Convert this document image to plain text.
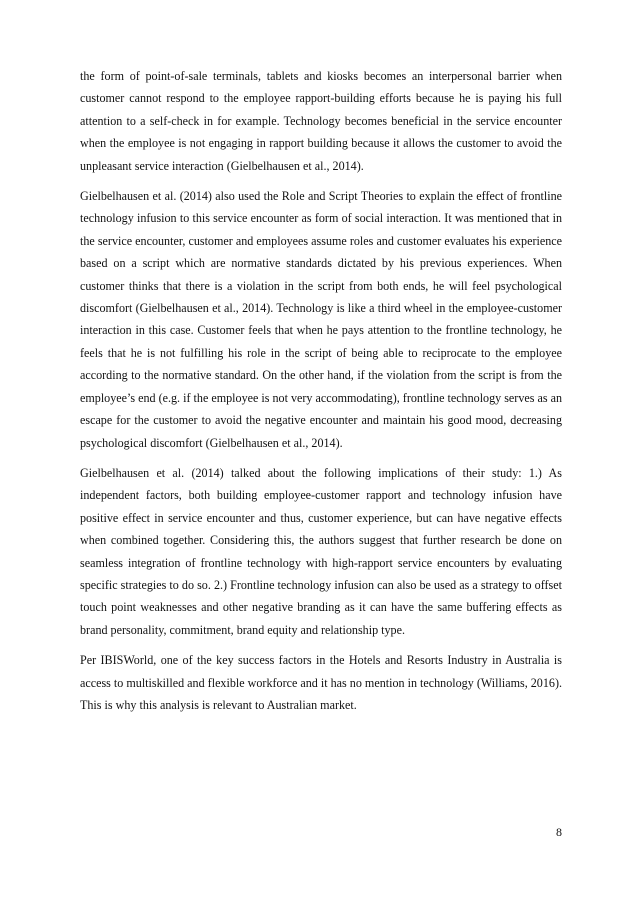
the form of point-of-sale terminals, tablets and kiosks becomes an interpersonal barrier when customer cannot respond to the employee rapport-building efforts because he is paying his full attention to a self-check in for example. Technology becomes beneficial in the service encounter when the employee is not engaging in rapport building because it allows the customer to avoid the unpleasant service interaction (Gielbelhausen et al., 2014).

Gielbelhausen et al. (2014) also used the Role and Script Theories to explain the effect of frontline technology infusion to this service encounter as form of social interaction. It was mentioned that in the service encounter, customer and employees assume roles and customer evaluates his experience based on a script which are normative standards dictated by his previous experiences. When customer thinks that there is a violation in the script from both ends, he will feel psychological discomfort (Gielbelhausen et al., 2014). Technology is like a third wheel in the employee-customer interaction in this case. Customer feels that when he pays attention to the frontline technology, he feels that he is not fulfilling his role in the script of being able to reciprocate to the employee according to the normative standard. On the other hand, if the violation from the script is from the employee’s end (e.g. if the employee is not very accommodating), frontline technology serves as an escape for the customer to avoid the negative encounter and maintain his good mood, decreasing psychological discomfort (Gielbelhausen et al., 2014).

Gielbelhausen et al. (2014) talked about the following implications of their study: 1.) As independent factors, both building employee-customer rapport and technology infusion have positive effect in service encounter and thus, customer experience, but can have negative effects when combined together. Considering this, the authors suggest that further research be done on seamless integration of frontline technology with high-rapport service encounters by evaluating specific strategies to do so. 2.) Frontline technology infusion can also be used as a strategy to offset touch point weaknesses and other negative branding as it can have the same buffering effects as brand personality, commitment, brand equity and relationship type.

Per IBISWorld, one of the key success factors in the Hotels and Resorts Industry in Australia is access to multiskilled and flexible workforce and it has no mention in technology (Williams, 2016). This is why this analysis is relevant to Australian market.

8
